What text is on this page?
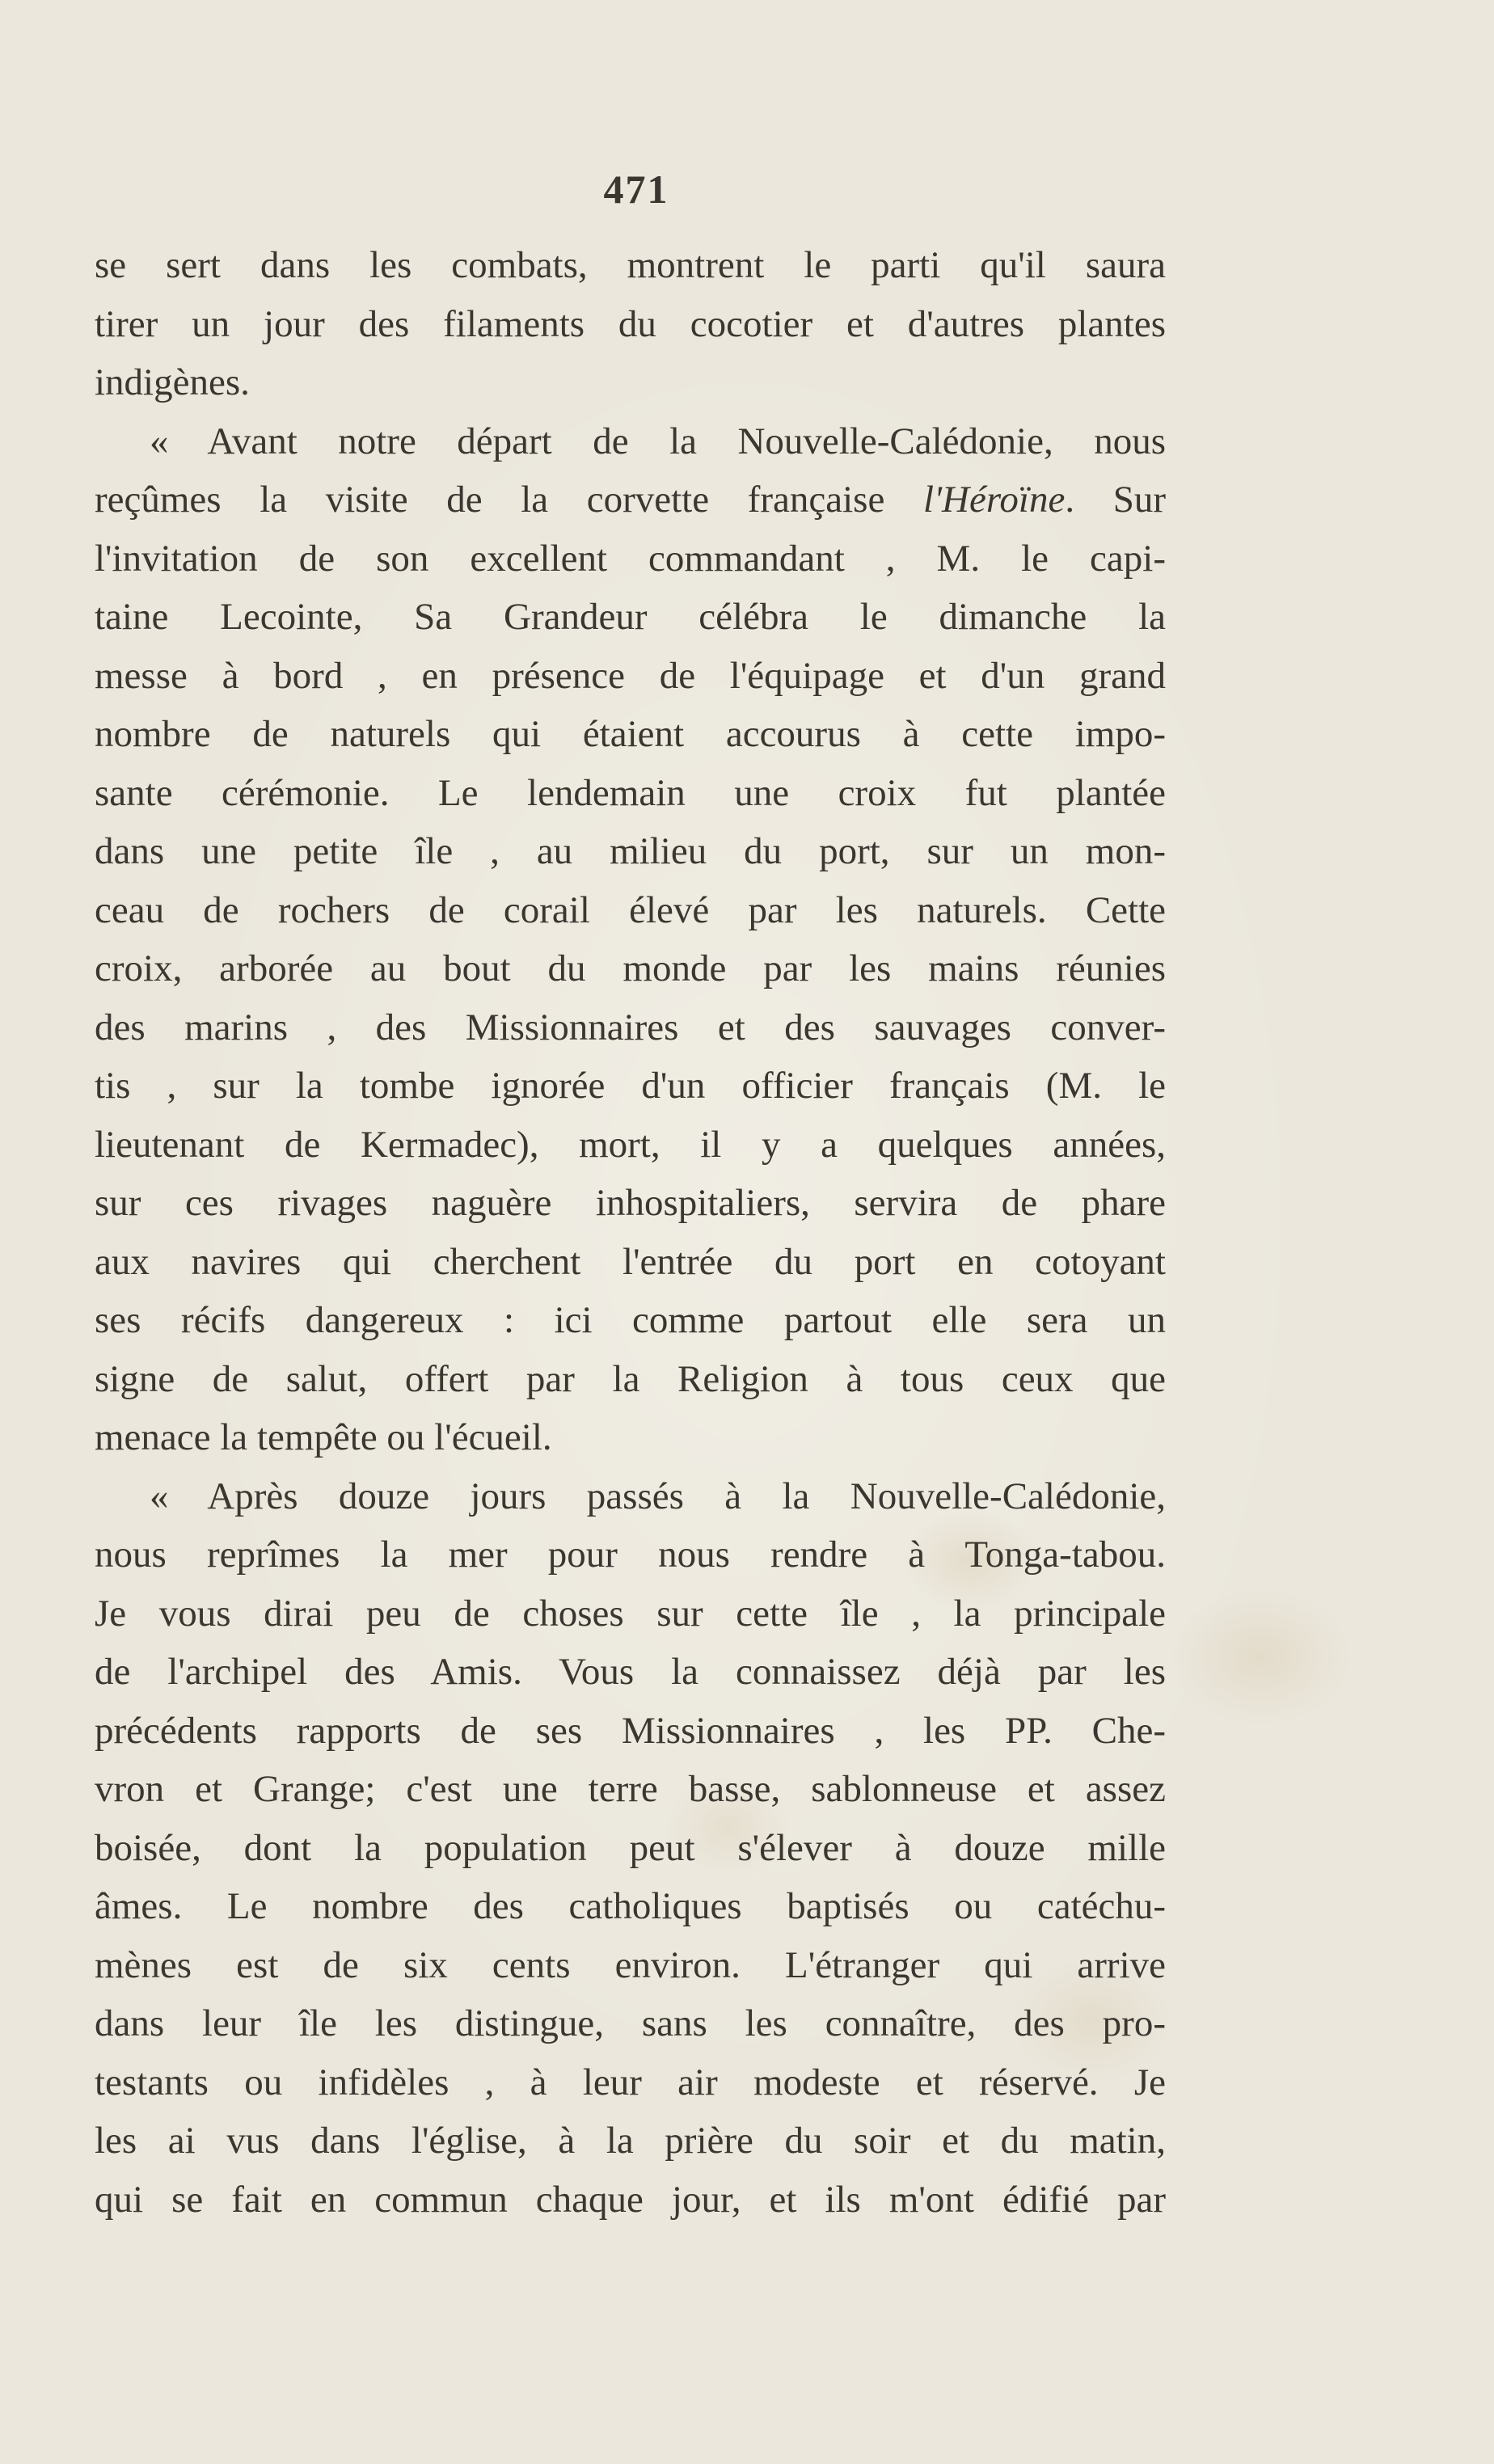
471
se sert dans les combats, montrent le parti qu'il saura
tirer un jour des filaments du cocotier et d'autres plantes
indigènes.
« Avant notre départ de la Nouvelle-Calédonie, nous
reçûmes la visite de la corvette française l'Héroïne. Sur
l'invitation de son excellent commandant , M. le capi-
taine Lecointe, Sa Grandeur célébra le dimanche la
messe à bord , en présence de l'équipage et d'un grand
nombre de naturels qui étaient accourus à cette impo-
sante cérémonie. Le lendemain une croix fut plantée
dans une petite île , au milieu du port, sur un mon-
ceau de rochers de corail élevé par les naturels. Cette
croix, arborée au bout du monde par les mains réunies
des marins , des Missionnaires et des sauvages conver-
tis , sur la tombe ignorée d'un officier français (M. le
lieutenant de Kermadec), mort, il y a quelques années,
sur ces rivages naguère inhospitaliers, servira de phare
aux navires qui cherchent l'entrée du port en cotoyant
ses récifs dangereux : ici comme partout elle sera un
signe de salut, offert par la Religion à tous ceux que
menace la tempête ou l'écueil.
« Après douze jours passés à la Nouvelle-Calédonie,
nous reprîmes la mer pour nous rendre à Tonga-tabou.
Je vous dirai peu de choses sur cette île , la principale
de l'archipel des Amis. Vous la connaissez déjà par les
précédents rapports de ses Missionnaires , les PP. Che-
vron et Grange; c'est une terre basse, sablonneuse et assez
boisée, dont la population peut s'élever à douze mille
âmes. Le nombre des catholiques baptisés ou catéchu-
mènes est de six cents environ. L'étranger qui arrive
dans leur île les distingue, sans les connaître, des pro-
testants ou infidèles , à leur air modeste et réservé. Je
les ai vus dans l'église, à la prière du soir et du matin,
qui se fait en commun chaque jour, et ils m'ont édifié par
